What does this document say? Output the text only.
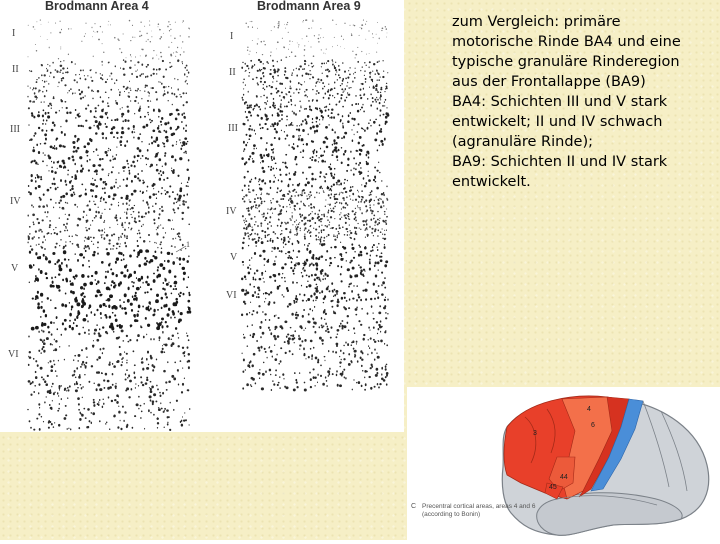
Brodmann Area 4	Brodmann Area 9
I
II
III
IV
V
VI
I
II
III
IV
V
VI
1

zum Vergleich: primäre motorische Rinde BA4 und eine typische granuläre Rinderegion aus der Frontallappe (BA9)

BA4: Schichten III und V stark entwickelt; II und IV schwach (agranuläre Rinde);

BA9: Schichten II und IV stark entwickelt.

4
6
3
44
45
C Precentral cortical areas, areas 4 and 6 (according to Bonin)
